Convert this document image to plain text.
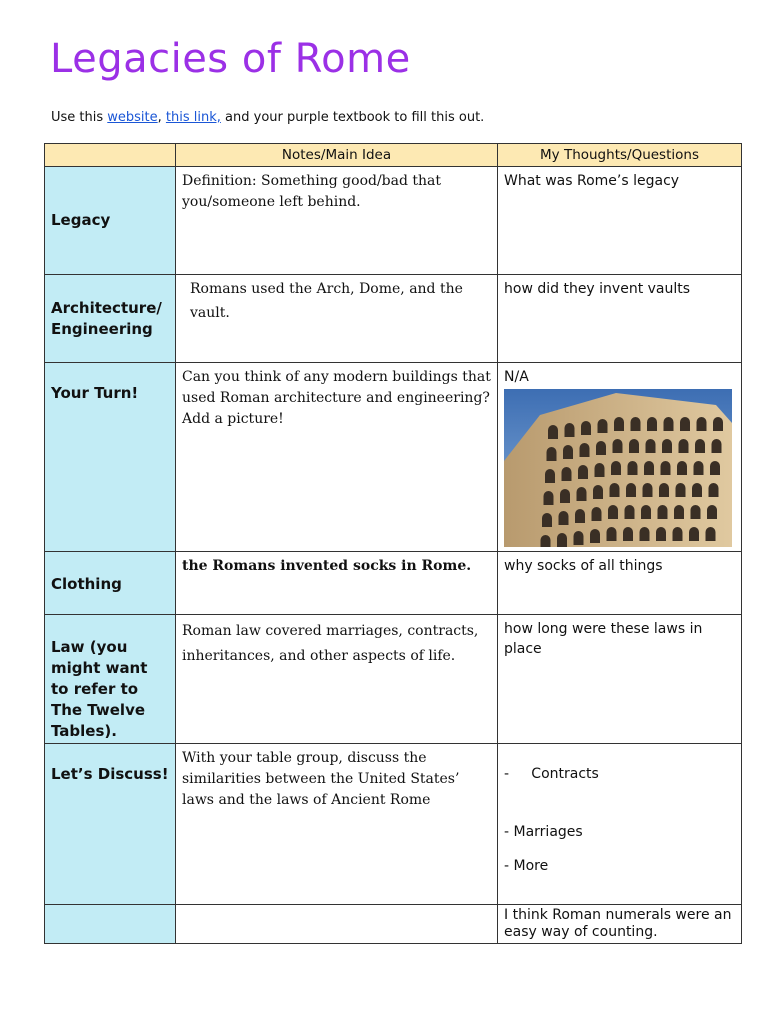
Legacies of Rome
Use this website, this link, and your purple textbook to fill this out.
	Notes/Main Idea	My Thoughts/Questions
Legacy	Definition: Something good/bad that you/someone left behind.	What was Rome’s legacy
Architecture/ Engineering	Romans used the Arch, Dome, and the vault.	how did they invent vaults
Your Turn!	Can you think of any modern buildings that used Roman architecture and engineering? Add a picture!	N/A

Clothing	the Romans invented socks in Rome.	why socks of all things
Law (you might want to refer to The Twelve Tables).	Roman law covered marriages, contracts, inheritances, and other aspects of life.	how long were these laws in place
Let’s Discuss!	With your table group, discuss the similarities between the United States’ laws and the laws of Ancient Rome	-     Contracts
- Marriages
- More

		I think Roman numerals were an easy way of counting.
